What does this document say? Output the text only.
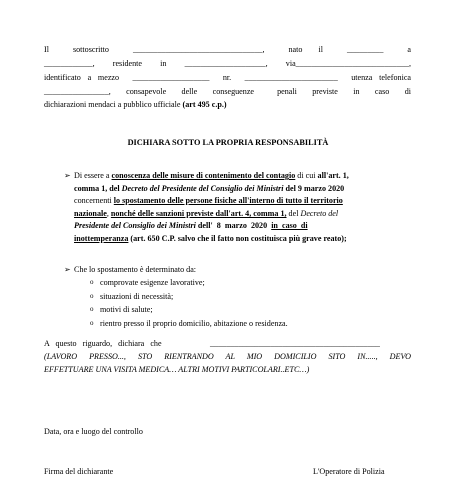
Il   sottoscritto   ________________________________,   nato  il   _________   a
____________,  residente  in  ____________________,  via____________________________,
identificato a mezzo  ___________________  nr.  _______________________  utenza telefonica
________________,  consapevole  delle  conseguenze   penali  previste  in  caso  di
dichiarazioni mendaci a pubblico ufficiale (art 495 c.p.)
DICHIARA SOTTO LA PROPRIA RESPONSABILITÀ
➢ Di essere a conoscenza delle misure di contenimento del contagio di cui all'art. 1,
comma 1, del Decreto del Presidente del Consiglio dei Ministri del 9 marzo 2020
concernenti lo spostamento delle persone fisiche all'interno di tutto il territorio
nazionale, nonché delle sanzioni previste dall'art. 4, comma 1, del Decreto del
Presidente del Consiglio dei Ministri dell'  8  marzo  2020  in  caso  di
inottemperanza (art. 650 C.P. salvo che il fatto non costituisca più grave reato);
➢ Che lo spostamento è determinato da:
o comprovate esigenze lavorative;
o situazioni di necessità;
o motivi di salute;
o rientro presso il proprio domicilio, abitazione o residenza.
A   questo   riguardo,   dichiara   che	__________________________________________
(LAVORO PRESSO..., STO RIENTRANDO AL MIO DOMICILIO SITO IN....., DEVO
EFFETTUARE UNA VISITA MEDICA… ALTRI MOTIVI PARTICOLARI..ETC…)
Data, ora e luogo del controllo
Firma del dichiarante	L'Operatore di Polizia
